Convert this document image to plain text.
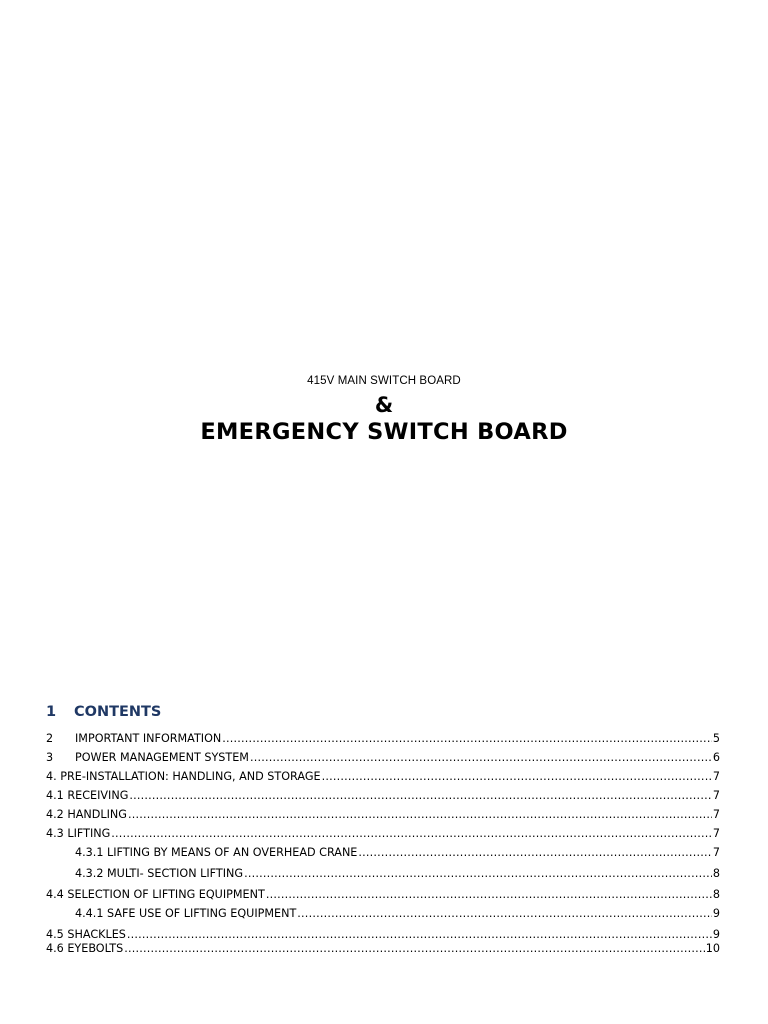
415V MAIN SWITCH BOARD
&
EMERGENCY SWITCH BOARD
1	CONTENTS
2 IMPORTANT INFORMATION .....	5
3 POWER MANAGEMENT SYSTEM .....	6
4. PRE-INSTALLATION: HANDLING, AND STORAGE .....	7
4.1 RECEIVING .....	7
4.2 HANDLING .....	7
4.3 LIFTING .....	7
4.3.1 LIFTING BY MEANS OF AN OVERHEAD CRANE .....	7
4.3.2 MULTI- SECTION LIFTING .....	8
4.4 SELECTION OF LIFTING EQUIPMENT .....	8
4.4.1 SAFE USE OF LIFTING EQUIPMENT .....	9
4.5 SHACKLES .....	9
4.6 EYEBOLTS .....	10
